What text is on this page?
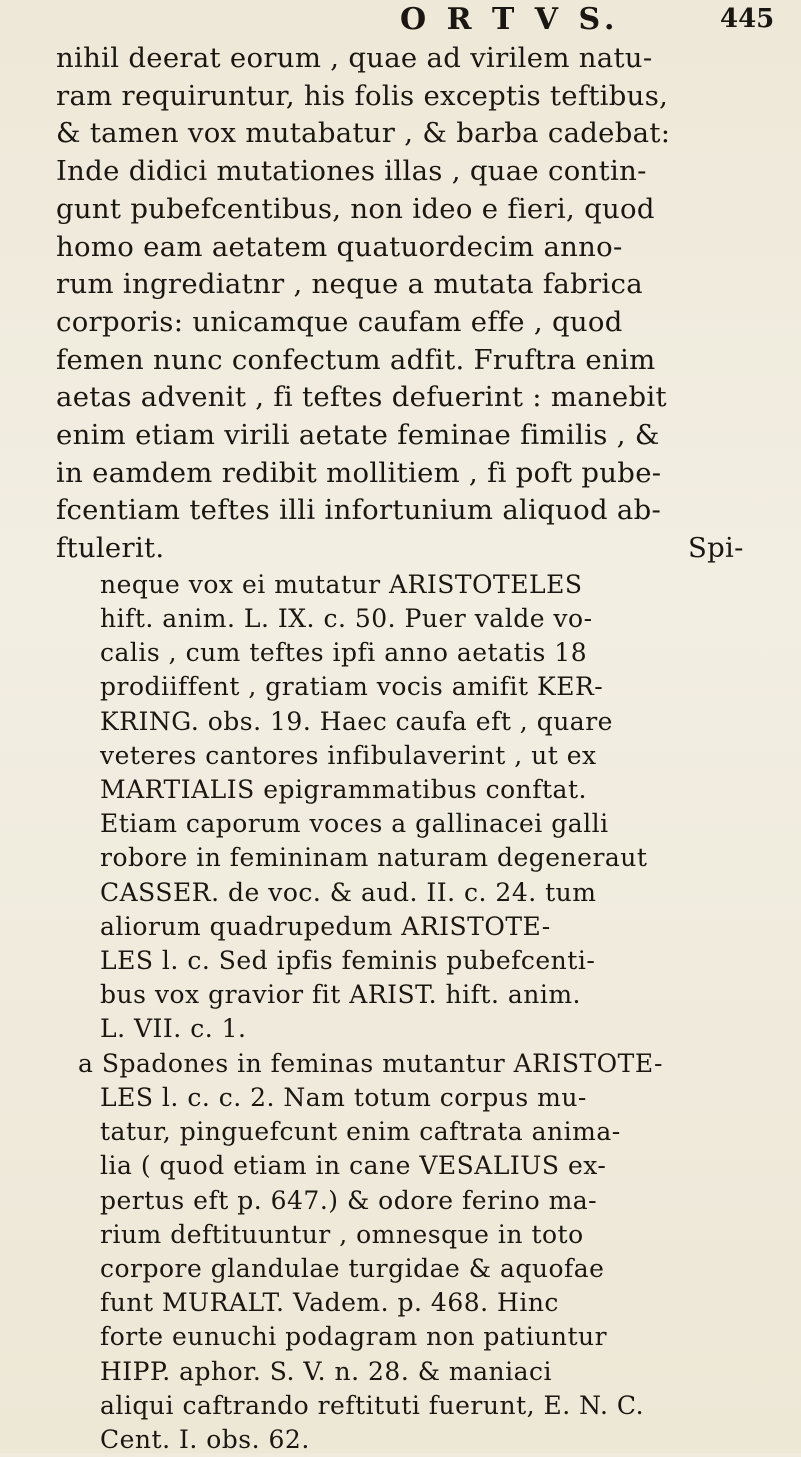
O R T V S.	445
nihil deerat eorum , quae ad virilem natu-
ram requiruntur, his folis exceptis teftibus,
& tamen vox mutabatur , & barba cadebat:
Inde didici mutationes illas , quae contin-
gunt pubefcentibus, non ideo e fieri, quod
homo eam aetatem quatuordecim anno-
rum ingrediatnr , neque a mutata fabrica
corporis: unicamque caufam effe , quod
femen nunc confectum adfit. Fruftra enim
aetas advenit , fi teftes defuerint : manebit
enim etiam virili aetate feminae fimilis , &
in eamdem redibit mollitiem , fi poft pube-
fcentiam teftes illi infortunium aliquod ab-
ftulerit.	Spi-
neque vox ei mutatur ARISTOTELES
hift. anim. L. IX. c. 50. Puer valde vo-
calis , cum teftes ipfi anno aetatis 18
prodiiffent , gratiam vocis amifit KER-
KRING. obs. 19. Haec caufa eft , quare
veteres cantores infibulaverint , ut ex
MARTIALIS epigrammatibus conftat.
Etiam caporum voces a gallinacei galli
robore in femininam naturam degeneraut
CASSER. de voc. & aud. II. c. 24. tum
aliorum quadrupedum ARISTOTE-
LES l. c. Sed ipfis feminis pubefcenti-
bus vox gravior fit ARIST. hift. anim.
L. VII. c. 1.
a Spadones in feminas mutantur ARISTOTE-
LES l. c. c. 2. Nam totum corpus mu-
tatur, pinguefcunt enim caftrata anima-
lia ( quod etiam in cane VESALIUS ex-
pertus eft p. 647.) & odore ferino ma-
rium deftituuntur , omnesque in toto
corpore glandulae turgidae & aquofae
funt MURALT. Vadem. p. 468. Hinc
forte eunuchi podagram non patiuntur
HIPP. aphor. S. V. n. 28. & maniaci
aliqui caftrando reftituti fuerunt, E. N. C.
Cent. I. obs. 62.
